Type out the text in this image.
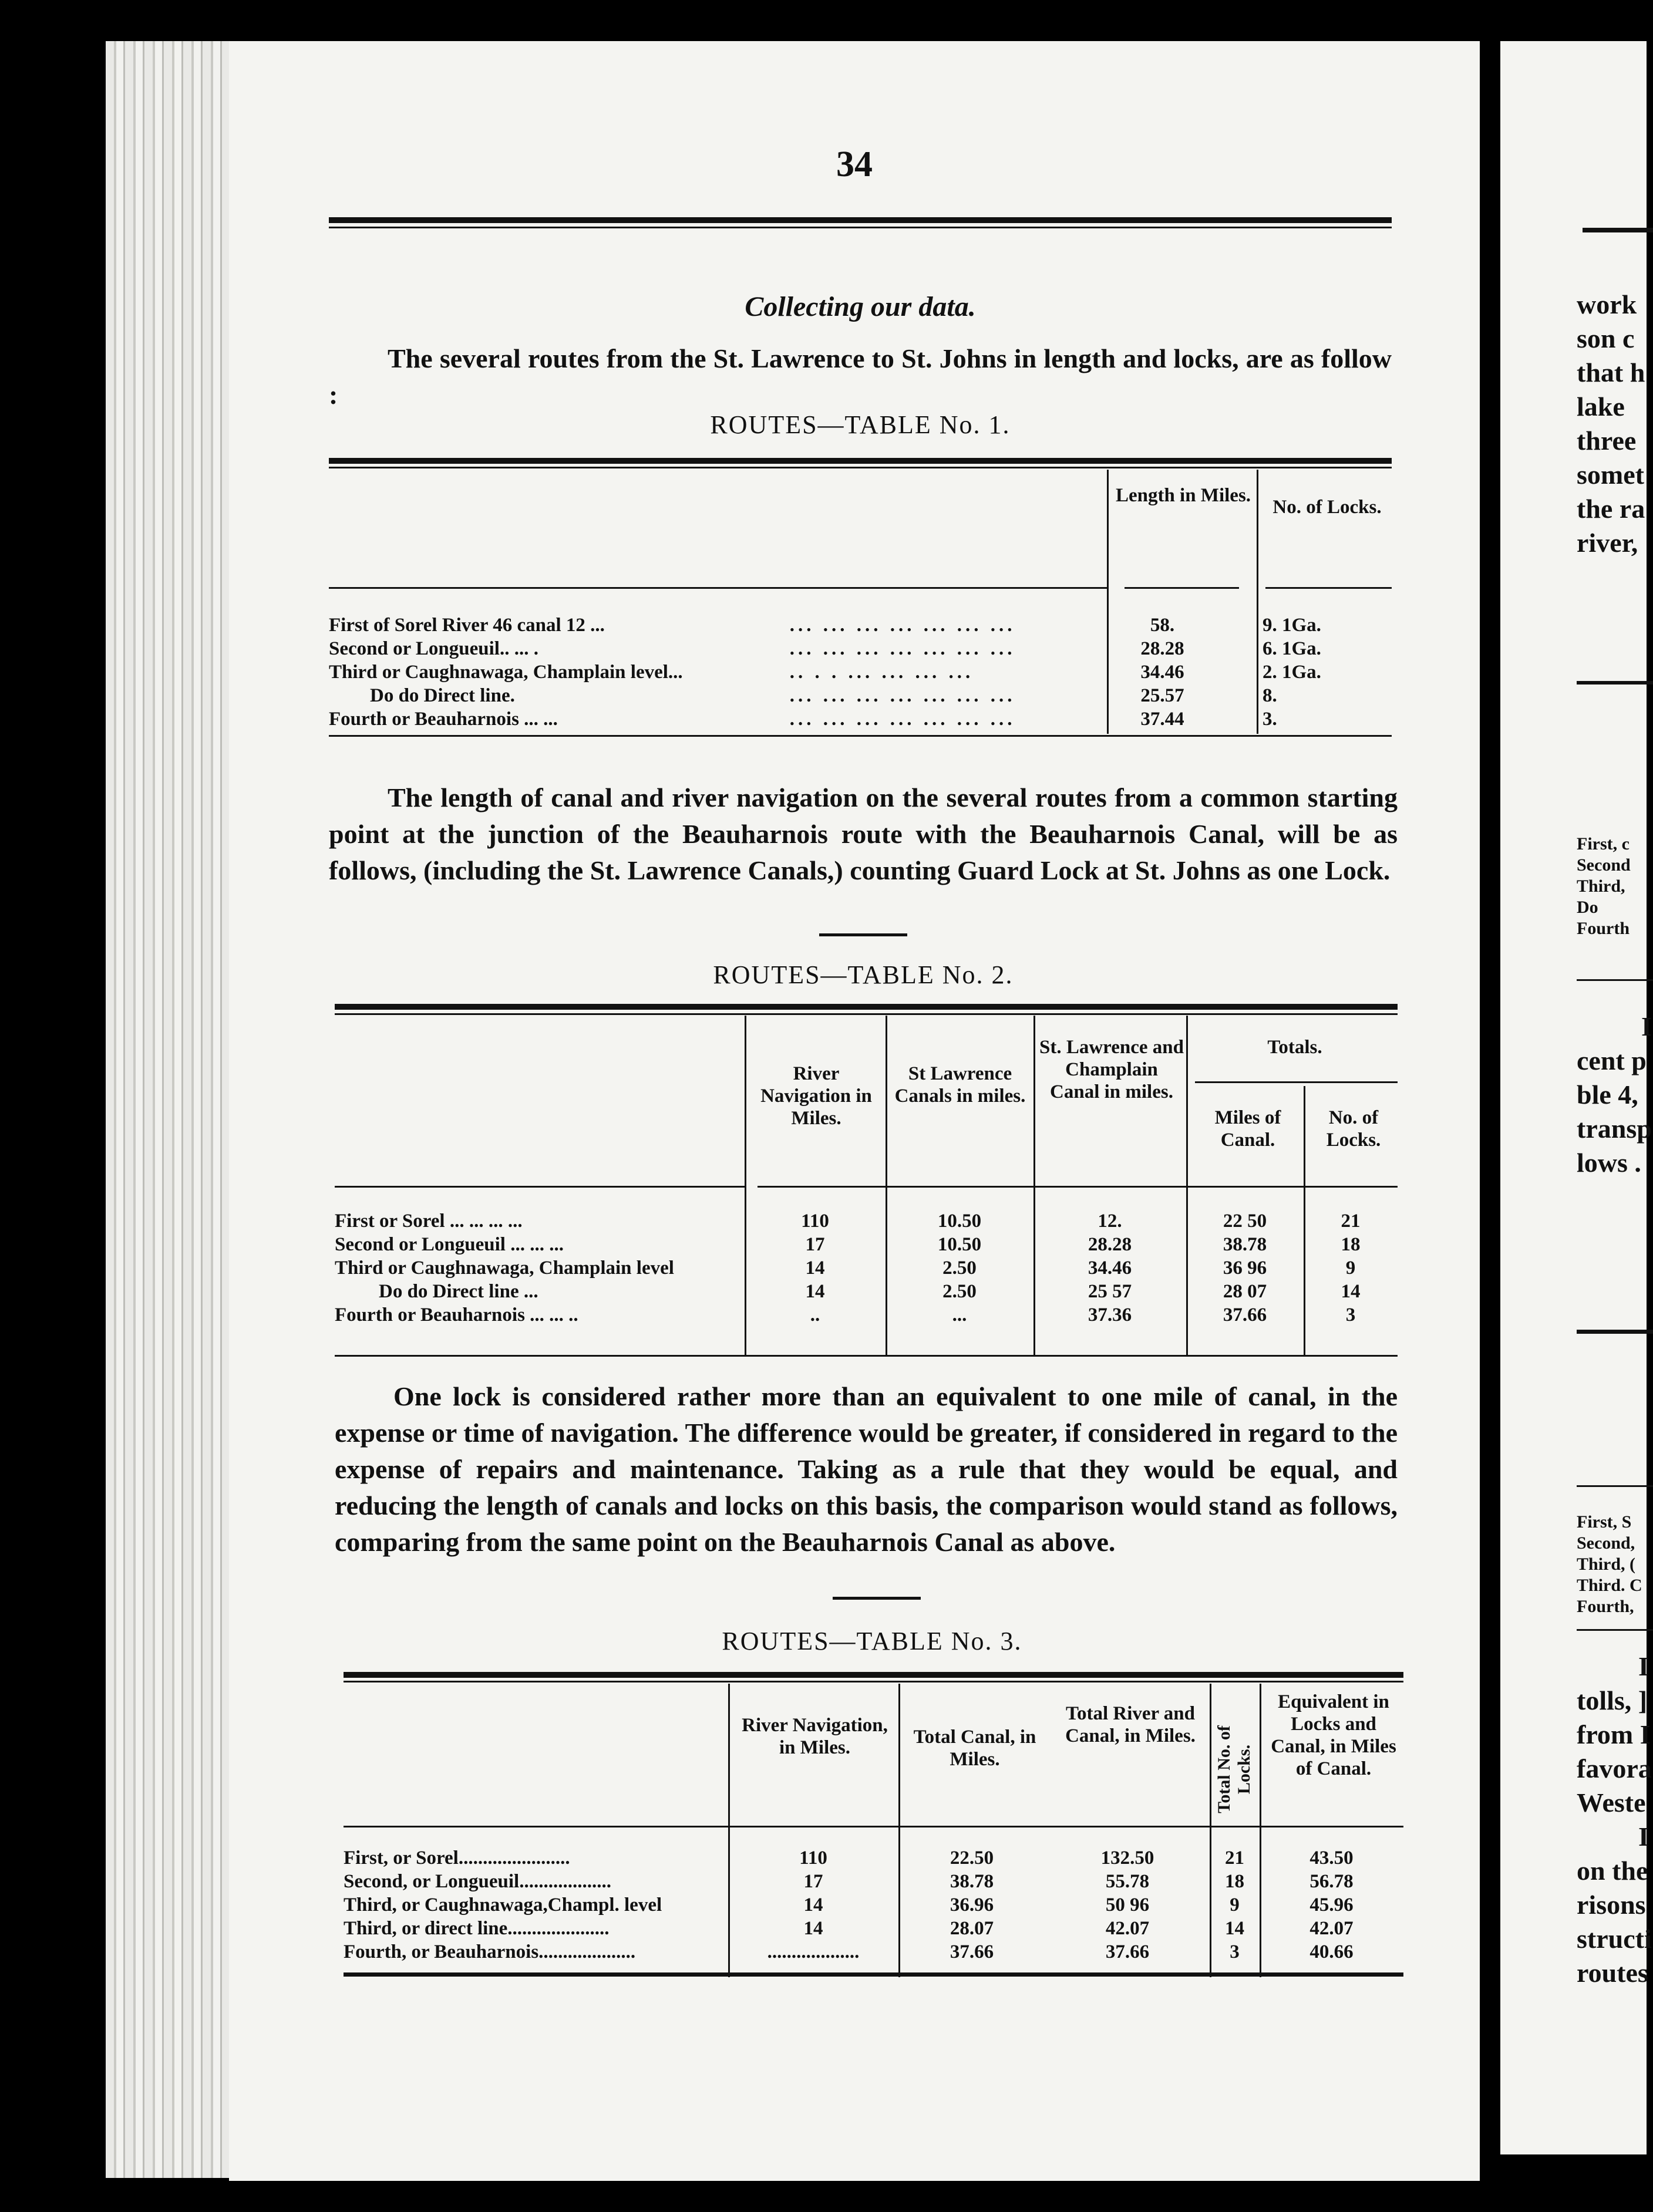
34
Collecting our data.
The several routes from the St. Lawrence to St. Johns in length and locks, are as follow :
ROUTES—TABLE No. 1.
Length in Miles.
No. of Locks.
First of Sorel River 46 canal 12 ...	... ... ... ... ... ... ...	58.	9. 1Ga.
Second or Longueuil.. ... .	... ... ... ... ... ... ...	28.28	6. 1Ga.
Third or Caughnawaga, Champlain level...	.. . . ... ... ... ...	34.46	2. 1Ga.
Do do Direct line.	... ... ... ... ... ... ...	25.57	8.
Fourth or Beauharnois ... ...	... ... ... ... ... ... ...	37.44	3.
The length of canal and river navigation on the several routes from a common starting point at the junction of the Beauharnois route with the Beauharnois Canal, will be as follows, (including the St. Lawrence Canals,) counting Guard Lock at St. Johns as one Lock.
ROUTES—TABLE No. 2.
River Navigation in Miles.
St Lawrence Canals in miles.
St. Lawrence and Champlain Canal in miles.
Totals.
Miles of Canal.
No. of Locks.
First or Sorel ... ... ... ...	110	10.50	12.	22 50	21
Second or Longueuil ... ... ...	17	10.50	28.28	38.78	18
Third or Caughnawaga, Champlain level	14	2.50	34.46	36 96	9
Do do Direct line ...	14	2.50	25 57	28 07	14
Fourth or Beauharnois ... ... ..	..	...	37.36	37.66	3
One lock is considered rather more than an equivalent to one mile of canal, in the expense or time of navigation. The difference would be greater, if considered in regard to the expense of repairs and maintenance. Taking as a rule that they would be equal, and reducing the length of canals and locks on this basis, the comparison would stand as follows, comparing from the same point on the Beauharnois Canal as above.
ROUTES—TABLE No. 3.
River Navigation, in Miles.	Total Canal, in Miles.
Total River and Canal, in Miles.	Total No. of Locks.
Equivalent in Locks and Canal, in Miles of Canal.
First, or Sorel.......................	110	22.50	132.50	21	43.50
Second, or Longueuil...................	17	38.78	55.78	18	56.78
Third, or Caughnawaga,Champl. level	14	36.96	50 96	9	45.96
Third, or direct line.....................	14	28.07	42.07	14	42.07
Fourth, or Beauharnois....................	...................	37.66	37.66	3	40.66
work
son c
that h
lake
three
somet
the ra
river,
First, c
Second
Third,
Do
Fourth
I
cent p
ble 4,
transp
lows .
First, S
Second,
Third, (
Third. C
Fourth,
I
tolls, ]
from I
favora
Weste
I
on the
risons
structi
routes
